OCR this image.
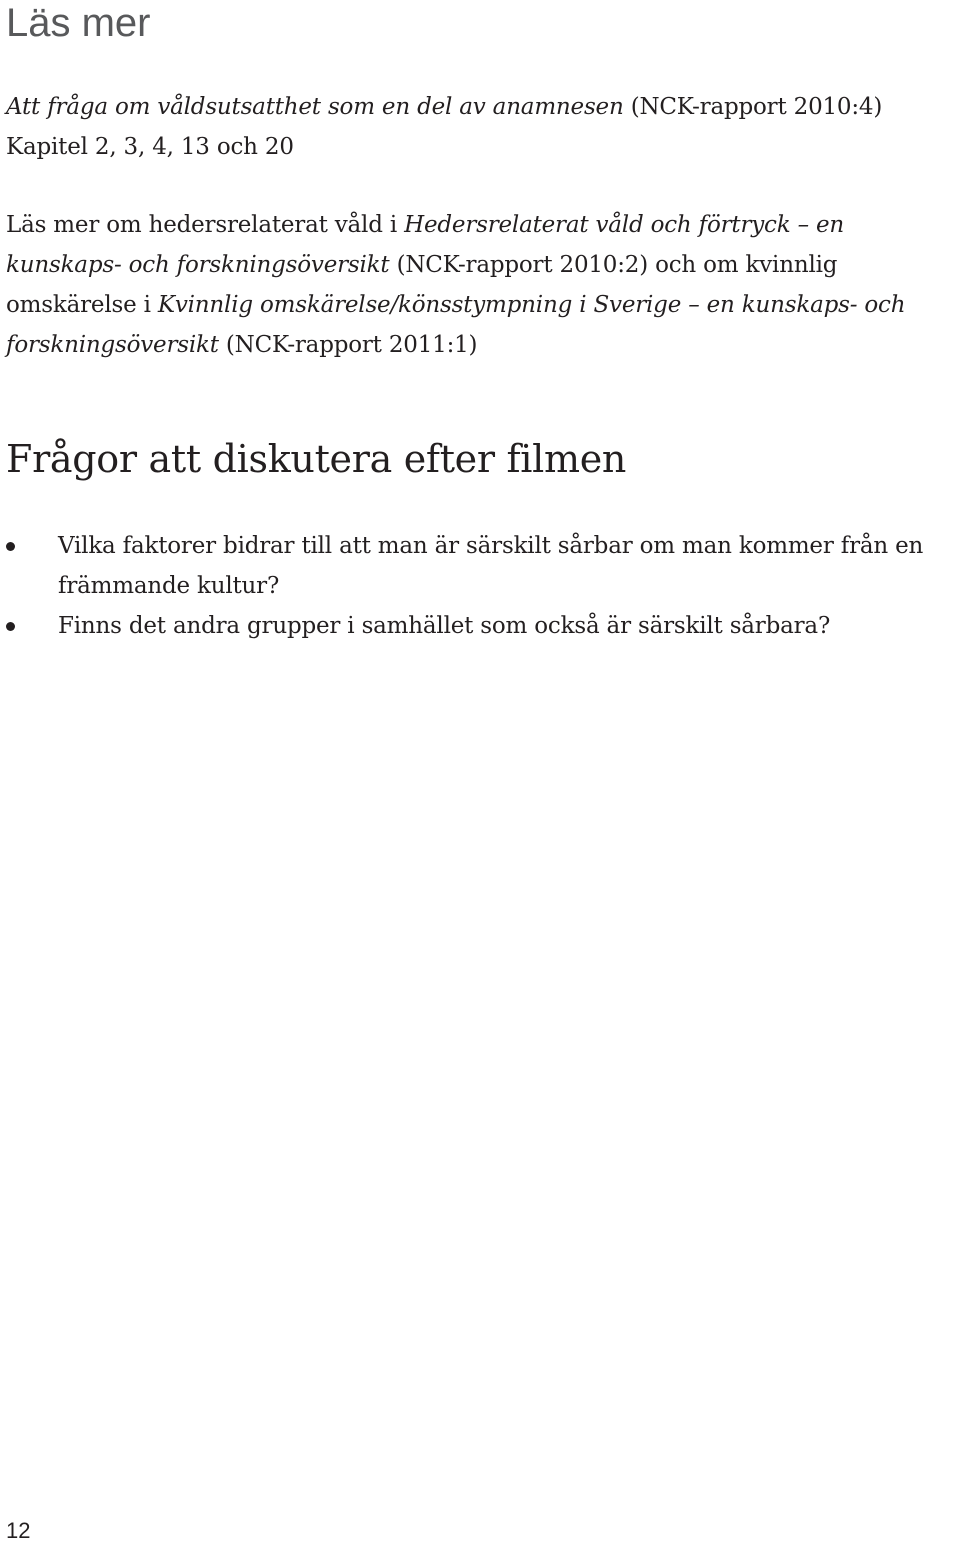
Läs mer

Att fråga om våldsutsatthet som en del av anamnesen (NCK-rapport 2010:4)
Kapitel 2, 3, 4, 13 och 20

Läs mer om hedersrelaterat våld i Hedersrelaterat våld och förtryck – en kunskaps- och forskningsöversikt (NCK-rapport 2010:2) och om kvinnlig omskärelse i Kvinnlig omskärelse/könsstympning i Sverige – en kunskaps- och forskningsöversikt (NCK-rapport 2011:1)

Frågor att diskutera efter filmen
Vilka faktorer bidrar till att man är särskilt sårbar om man kommer från en främmande kultur?
Finns det andra grupper i samhället som också är särskilt sårbara?
12
